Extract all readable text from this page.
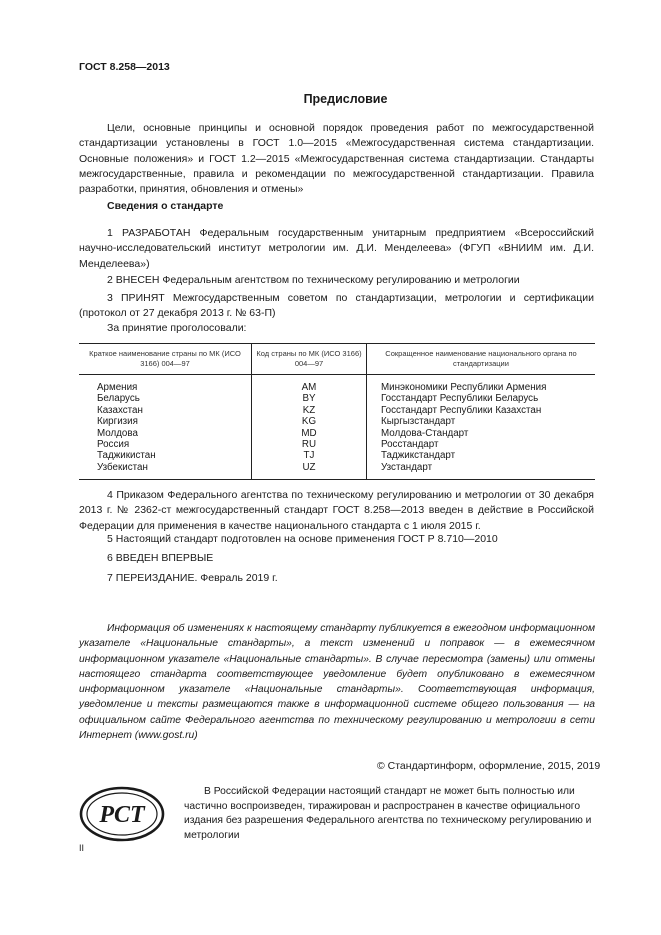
ГОСТ 8.258—2013
Предисловие
Цели, основные принципы и основной порядок проведения работ по межгосударственной стандартизации установлены в ГОСТ 1.0—2015 «Межгосударственная система стандартизации. Основные положения» и ГОСТ 1.2—2015 «Межгосударственная система стандартизации. Стандарты межгосударственные, правила и рекомендации по межгосударственной стандартизации. Правила разработки, принятия, обновления и отмены»
Сведения о стандарте
1 РАЗРАБОТАН Федеральным государственным унитарным предприятием «Всероссийский научно-исследовательский институт метрологии им. Д.И. Менделеева» (ФГУП «ВНИИМ им. Д.И. Менделеева»)
2 ВНЕСЕН Федеральным агентством по техническому регулированию и метрологии
3 ПРИНЯТ Межгосударственным советом по стандартизации, метрологии и сертификации (протокол от 27 декабря 2013 г. № 63-П)
За принятие проголосовали:
Краткое наименование страны по МК (ИСО 3166) 004—97	Код страны по МК (ИСО 3166) 004—97	Сокращенное наименование национального органа по стандартизации
Армения	AM	Минэкономики Республики Армения
Беларусь	BY	Госстандарт Республики Беларусь
Казахстан	KZ	Госстандарт Республики Казахстан
Киргизия	KG	Кыргызстандарт
Молдова	MD	Молдова-Стандарт
Россия	RU	Росстандарт
Таджикистан	TJ	Таджикстандарт
Узбекистан	UZ	Узстандарт
4 Приказом Федерального агентства по техническому регулированию и метрологии от 30 декабря 2013 г. № 2362-ст межгосударственный стандарт ГОСТ 8.258—2013 введен в действие в Российской Федерации для применения в качестве национального стандарта с 1 июля 2015 г.
5 Настоящий стандарт подготовлен на основе применения ГОСТ Р 8.710—2010
6 ВВЕДЕН ВПЕРВЫЕ
7 ПЕРЕИЗДАНИЕ. Февраль 2019 г.
Информация об изменениях к настоящему стандарту публикуется в ежегодном информационном указателе «Национальные стандарты», а текст изменений и поправок — в ежемесячном информационном указателе «Национальные стандарты». В случае пересмотра (замены) или отмены настоящего стандарта соответствующее уведомление будет опубликовано в ежемесячном информационном указателе «Национальные стандарты». Соответствующая информация, уведомление и тексты размещаются также в информационной системе общего пользования — на официальном сайте Федерального агентства по техническому регулированию и метрологии в сети Интернет (www.gost.ru)
© Стандартинформ, оформление, 2015, 2019
РСТ
В Российской Федерации настоящий стандарт не может быть полностью или частично воспроизведен, тиражирован и распространен в качестве официального издания без разрешения Федерального агентства по техническому регулированию и метрологии
II
